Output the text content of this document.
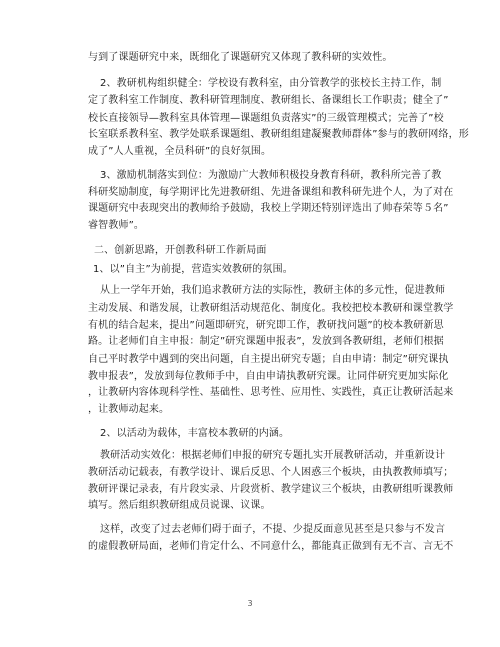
与到了课题研究中来，既细化了课题研究又体现了教科研的实效性。

2、教研机构组织健全：学校设有教科室，由分管教学的张校长主持工作，制

定了教科室工作制度、教科研管理制度、教研组长、备课组长工作职责；健全了”

校长直接领导—教科室具体管理—课题组负责落实”的三级管理模式；完善了”校

长室联系教科室、教学处联系课题组、教研组组建凝聚教师群体”参与的教研网络，形

成了”人人重视，全员科研”的良好氛围。

3、激励机制落实到位：为激励广大教师积极投身教育科研，教科所完善了教

科研奖励制度，每学期评比先进教研组、先进备课组和教科研先进个人，为了对在

课题研究中表现突出的教师给予鼓励，我校上学期还特别评选出了帅春荣等５名”

睿智教师”。

二、创新思路，开创教科研工作新局面

1、以”自主”为前提，营造实效教研的氛围。

从上一学年开始，我们追求教研方法的实际性，教研主体的多元性，促进教师

主动发展、和谐发展，让教研组活动规范化、制度化。我校把校本教研和课堂教学

有机的结合起来，提出”问题即研究，研究即工作，教研找问题”的校本教研新思

路。让老师们自主申报：制定”研究课题申报表”，发放到各教研组，老师们根据

自己平时教学中遇到的突出问题，自主提出研究专题；自由申请：制定”研究课执

教申报表”，发放到每位教师手中，自由申请执教研究课。让同伴研究更加实际化

，让教研内容体现科学性、基础性、思考性、应用性、实践性，真正让教研活起来

，让教师动起来。

2、以活动为载体，丰富校本教研的内涵。

教研活动实效化：根据老师们申报的研究专题扎实开展教研活动，并重新设计

教研活动记载表，有教学设计、课后反思、个人困惑三个板块，由执教教师填写；

教研评课记录表，有片段实录、片段赏析、教学建议三个板块，由教研组听课教师

填写。然后组织教研组成员说课、议课。

这样，改变了过去老师们碍于面子，不提、少提反面意见甚至是只参与不发言

的虚假教研局面，老师们肯定什么、不同意什么，都能真正做到有无不言、言无不

3
